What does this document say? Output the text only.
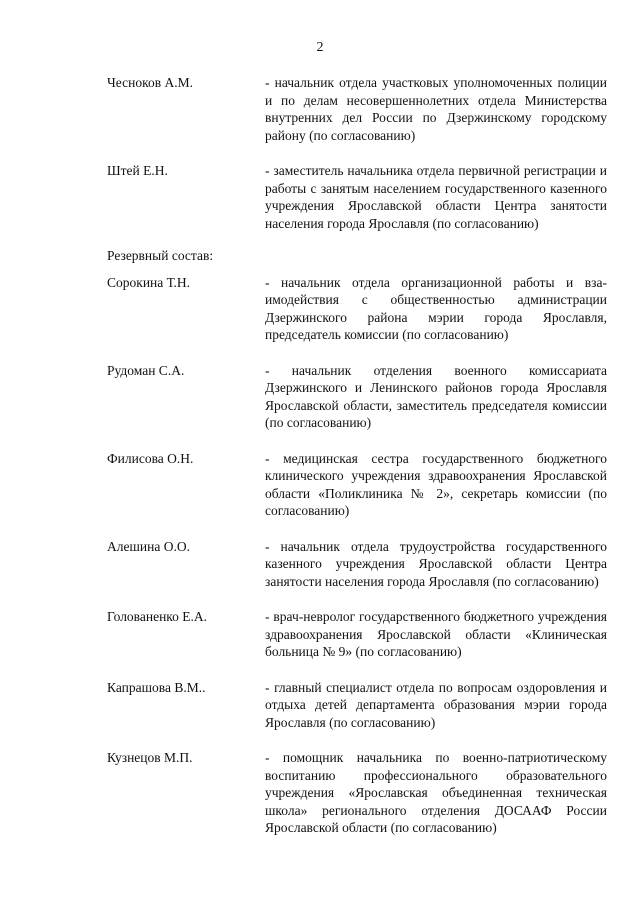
2
Чесноков А.М.	- начальник отдела участковых уполномоченных полиции и по делам несовершеннолетних отдела Министерства внутренних дел России по Дзержинскому городскому району (по согласованию)
Штей Е.Н.	- заместитель начальника отдела первичной регистрации и работы с занятым населением государственного казенного учреждения Ярославской области Центра занятости населения города Ярославля (по согласованию)
Резервный состав:
Сорокина Т.Н.	- начальник отдела организационной работы и взаимодействия с общественностью администрации Дзержинского района мэрии города Ярославля, председатель комиссии (по согласованию)
Рудоман С.А.	- начальник отделения военного комиссариата Дзержинского и Ленинского районов города Ярославля Ярославской области, заместитель председателя комиссии (по согласованию)
Филисова О.Н.	- медицинская сестра государственного бюджетного клинического учреждения здравоохранения Ярославской области «Поликлиника № 2», секретарь комиссии (по согласованию)
Алешина О.О.	- начальник отдела трудоустройства государственного казенного учреждения Ярославской области Центра занятости населения города Ярославля (по согласованию)
Голованенко Е.А.	- врач-невролог государственного бюджетного учреждения здравоохранения Ярославской области «Клиническая больница № 9» (по согласованию)
Капрашова В.М..	- главный специалист отдела по вопросам оздоровления и отдыха детей департамента образования мэрии города Ярославля (по согласованию)
Кузнецов М.П.	- помощник начальника по военно-патриотическому воспитанию профессионального образовательного учреждения «Ярославская объединенная техническая школа» регионального отделения ДОСААФ России Ярославской области (по согласованию)
